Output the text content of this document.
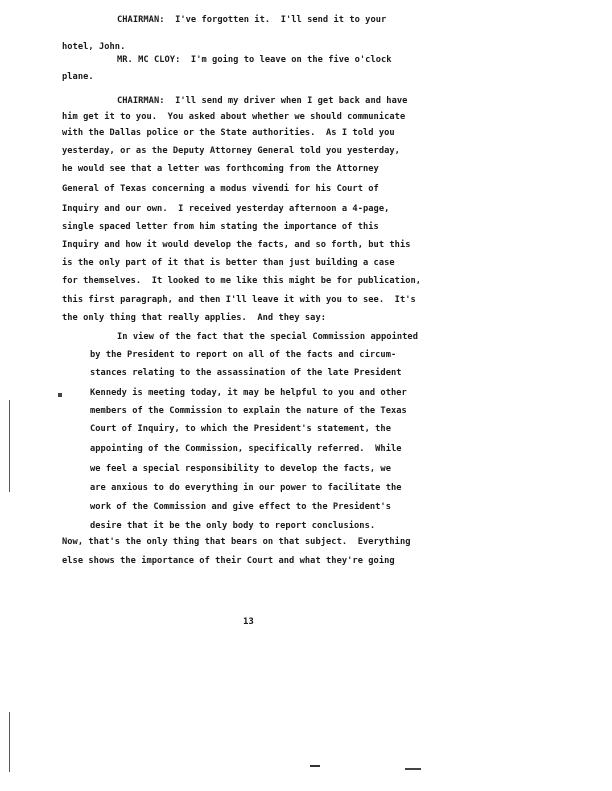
CHAIRMAN:  I've forgotten it.  I'll send it to your
hotel, John.
MR. MC CLOY:  I'm going to leave on the five o'clock
plane.
CHAIRMAN:  I'll send my driver when I get back and have
him get it to you.  You asked about whether we should communicate
with the Dallas police or the State authorities.  As I told you
yesterday, or as the Deputy Attorney General told you yesterday,
he would see that a letter was forthcoming from the Attorney
General of Texas concerning a modus vivendi for his Court of
Inquiry and our own.  I received yesterday afternoon a 4-page,
single spaced letter from him stating the importance of this
Inquiry and how it would develop the facts, and so forth, but this
is the only part of it that is better than just building a case
for themselves.  It looked to me like this might be for publication,
this first paragraph, and then I'll leave it with you to see.  It's
the only thing that really applies.  And they say:
In view of the fact that the special Commission appointed
by the President to report on all of the facts and circum-
stances relating to the assassination of the late President
Kennedy is meeting today, it may be helpful to you and other
members of the Commission to explain the nature of the Texas
Court of Inquiry, to which the President's statement, the
appointing of the Commission, specifically referred.  While
we feel a special responsibility to develop the facts, we
are anxious to do everything in our power to facilitate the
work of the Commission and give effect to the President's
desire that it be the only body to report conclusions.
Now, that's the only thing that bears on that subject.  Everything
else shows the importance of their Court and what they're going
13
